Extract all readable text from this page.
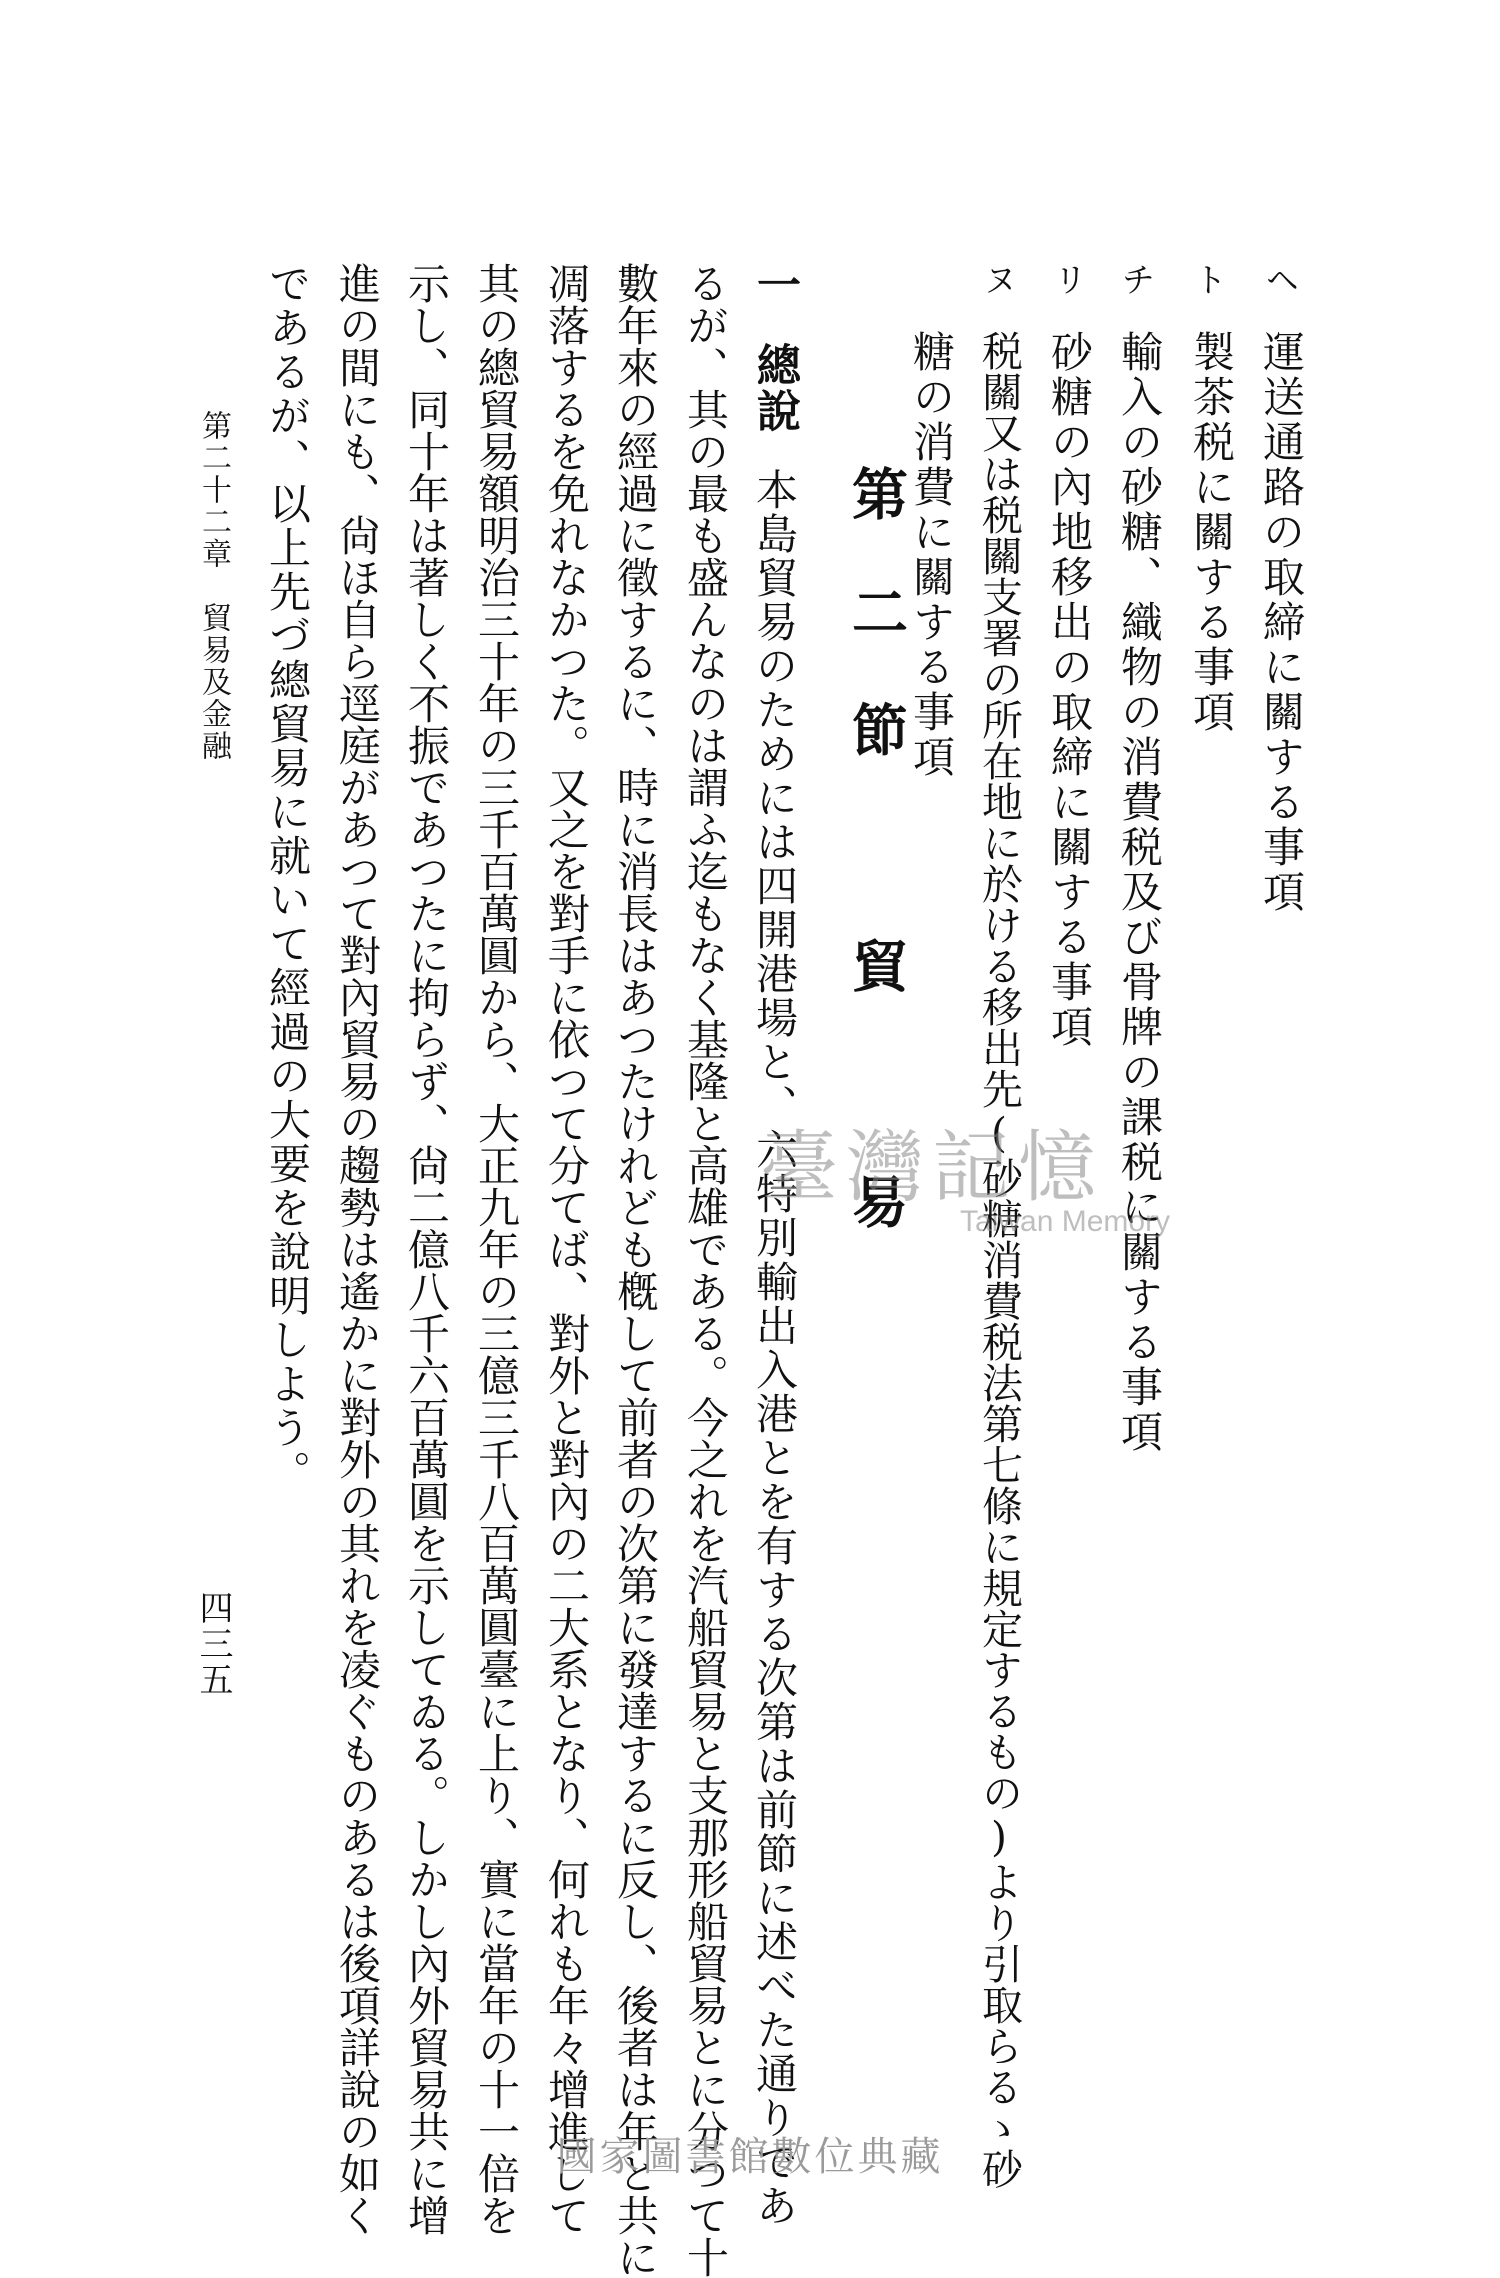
ヘ
運送通路の取締に關する事項
ト
製茶税に關する事項
チ
輸入の砂糖、織物の消費税及び骨牌の課税に關する事項
リ
砂糖の內地移出の取締に關する事項
ヌ
税關又は税關支署の所在地に於ける移出先(砂糖消費税法第七條に規定するもの)より引取らるゝ砂
糖の消費に關する事項
第二節　貿　易
一總說本島貿易のためには四開港場と、六特別輸出入港とを有する次第は前節に述べた通りであ
るが、其の最も盛んなのは謂ふ迄もなく基隆と高雄である。今之れを汽船貿易と支那形船貿易とに分つて十
數年來の經過に徵するに、時に消長はあつたけれども槪して前者の次第に發達するに反し、後者は年と共に
凋落するを免れなかつた。又之を對手に依つて分てば、對外と對內の二大系となり、何れも年々增進して
其の總貿易額明治三十年の三千百萬圓から、大正九年の三億三千八百萬圓臺に上り、實に當年の十一倍を
示し、同十年は著しく不振であつたに拘らず、尙二億八千六百萬圓を示してゐる。しかし內外貿易共に增
進の間にも、尙ほ自ら逕庭があつて對內貿易の趨勢は遙かに對外の其れを凌ぐものあるは後項詳說の如く
であるが、以上先づ總貿易に就いて經過の大要を說明しよう。
第二十二章　貿易及金融
四三五
臺灣記憶
Taiwan Memory
國家圖書館數位典藏
